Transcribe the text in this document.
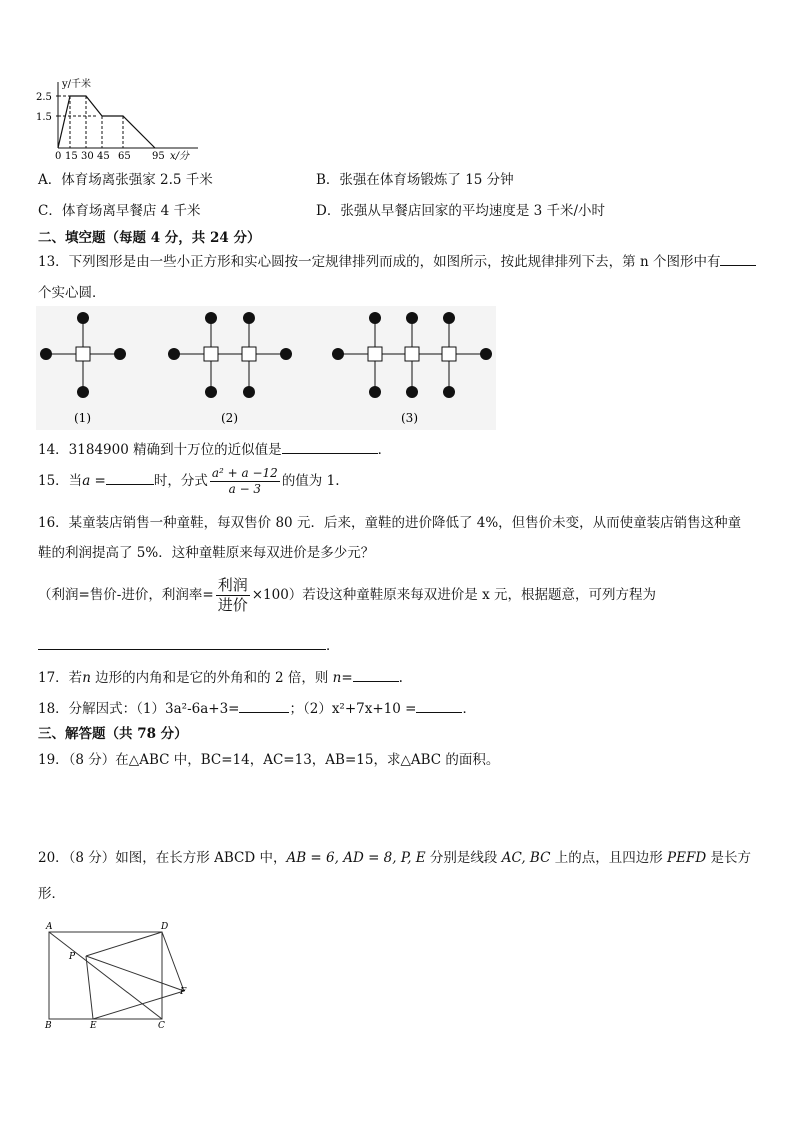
y/千米
2.5
1.5
0 15 30 45 65 95 x/分
A．体育场离张强家 2.5 千米	B．张强在体育场锻炼了 15 分钟
C．体育场离早餐店 4 千米	D．张强从早餐店回家的平均速度是 3 千米/小时
二、填空题（每题 4 分，共 24 分）
13．下列图形是由一些小正方形和实心圆按一定规律排列而成的，如图所示，按此规律排列下去，第 n 个图形中有
个实心圆．
(1)	(2)	(3)
14．3184900 精确到十万位的近似值是	．
15．当a =	时，分式 $\frac{\text{a² + a −12}}{a - 3}$ 的值为 1.
16．某童装店销售一种童鞋，每双售价 80 元．后来，童鞋的进价降低了 4%，但售价未变，从而使童装店销售这种童
鞋的利润提高了 5%．这种童鞋原来每双进价是多少元？
（利润=售价-进价，利润率= $\frac{\text{利润}}{\text{进价}} \times 100$）若设这种童鞋原来每双进价是 x 元，根据题意，可列方程为
．
17．若n 边形的内角和是它的外角和的 2 倍，则 n=	.
18．分解因式：（1）3a²-6a+3=	；（2）x²+7x+10 =	．
三、解答题（共 78 分）
19．（8 分）在△ABC 中，BC=14，AC=13，AB=15，求△ABC 的面积。
20．（8 分）如图，在长方形 ABCD 中，AB = 6, AD = 8, P, E 分别是线段 AC, BC 上的点，且四边形 PEFD 是长方
形．
A	D
P
F
B	E	C
